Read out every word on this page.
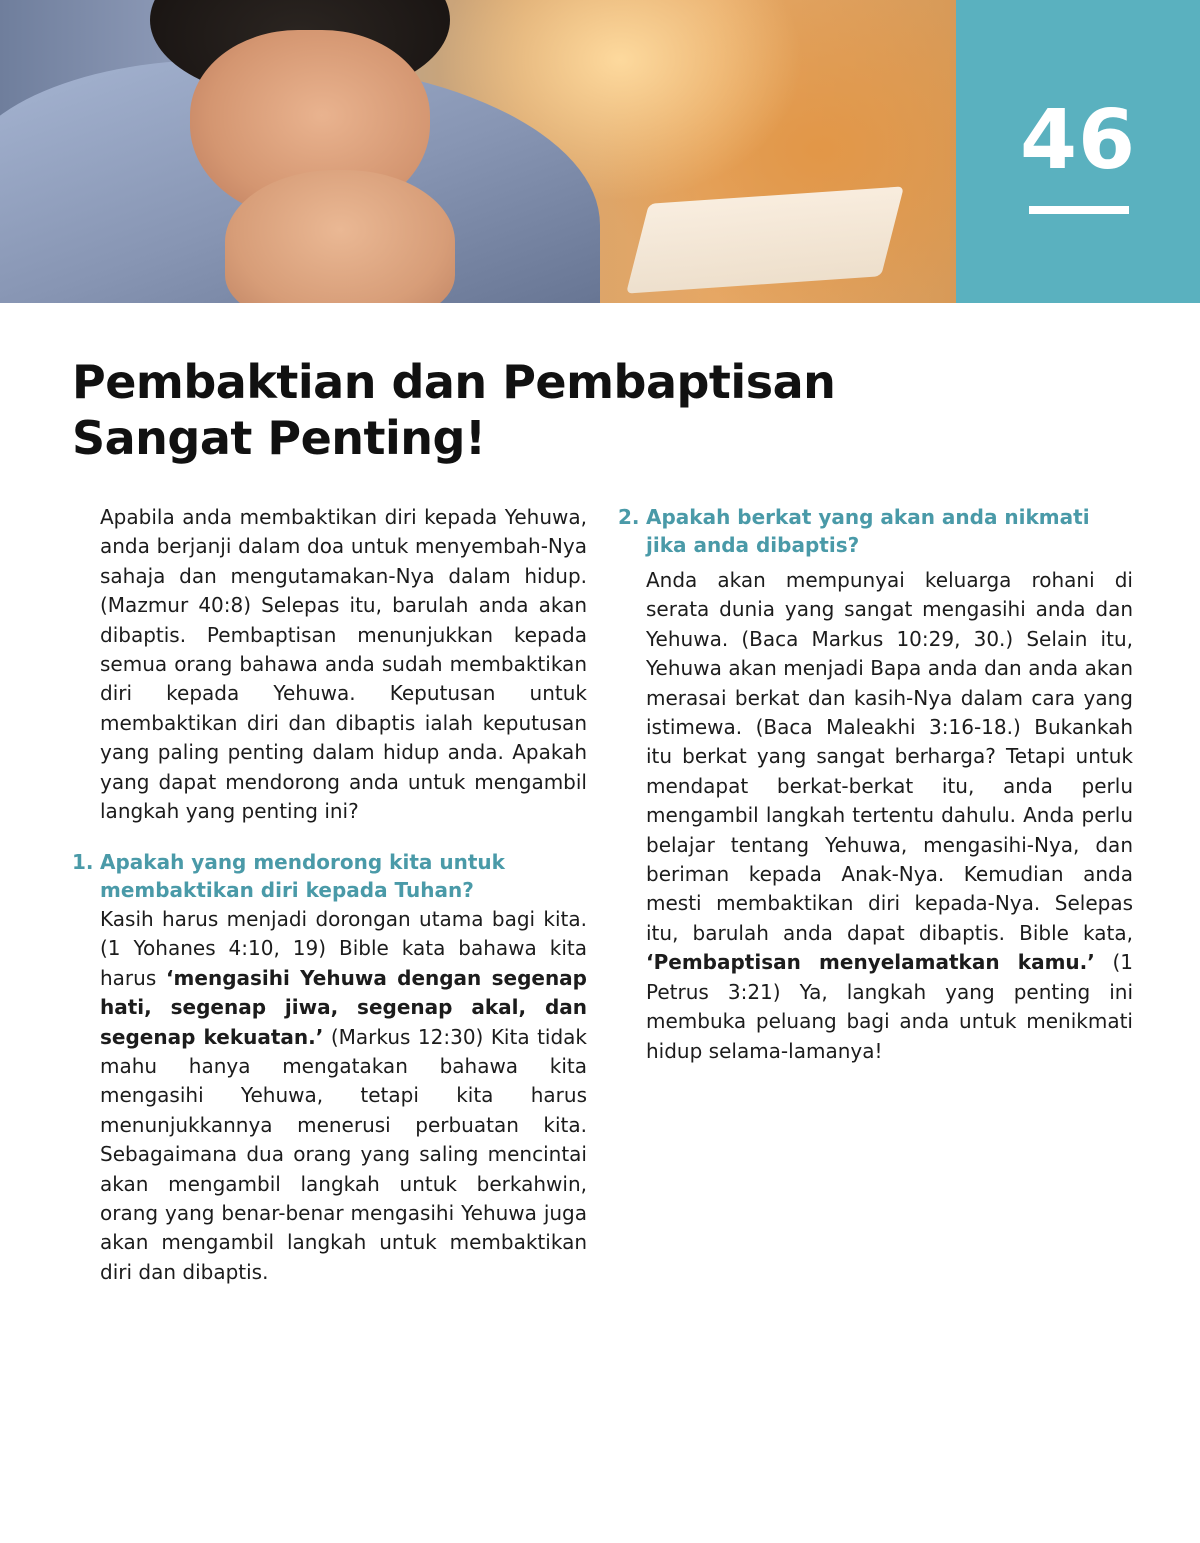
46
Pembaktian dan Pembaptisan Sangat Penting!

Apabila anda membaktikan diri kepada Yehuwa, anda berjanji dalam doa untuk menyembah-Nya sahaja dan mengutamakan-Nya dalam hidup. (Mazmur 40:8) Selepas itu, barulah anda akan dibaptis. Pembaptisan menunjukkan kepada semua orang bahawa anda sudah membaktikan diri kepada Yehuwa. Keputusan untuk membaktikan diri dan dibaptis ialah keputusan yang paling penting dalam hidup anda. Apakah yang dapat mendorong anda untuk mengambil langkah yang penting ini?

1. Apakah yang mendorong kita untuk membaktikan diri kepada Tuhan?

Kasih harus menjadi dorongan utama bagi kita. (1 Yohanes 4:10, 19) Bible kata bahawa kita harus ‘mengasihi Yehuwa dengan segenap hati, segenap jiwa, segenap akal, dan segenap kekuatan.’ (Markus 12:30) Kita tidak mahu hanya mengatakan bahawa kita mengasihi Yehuwa, tetapi kita harus menunjukkannya menerusi perbuatan kita. Sebagaimana dua orang yang saling mencintai akan mengambil langkah untuk berkahwin, orang yang benar-benar mengasihi Yehuwa juga akan mengambil langkah untuk membaktikan diri dan dibaptis.

2. Apakah berkat yang akan anda nikmati jika anda dibaptis?

Anda akan mempunyai keluarga rohani di serata dunia yang sangat mengasihi anda dan Yehuwa. (Baca Markus 10:29, 30.) Selain itu, Yehuwa akan menjadi Bapa anda dan anda akan merasai berkat dan kasih-Nya dalam cara yang istimewa. (Baca Maleakhi 3:16-18.) Bukankah itu berkat yang sangat berharga? Tetapi untuk mendapat berkat-berkat itu, anda perlu mengambil langkah tertentu dahulu. Anda perlu belajar tentang Yehuwa, mengasihi-Nya, dan beriman kepada Anak-Nya. Kemudian anda mesti membaktikan diri kepada-Nya. Selepas itu, barulah anda dapat dibaptis. Bible kata, ‘Pembaptisan menyelamatkan kamu.’ (1 Petrus 3:21) Ya, langkah yang penting ini membuka peluang bagi anda untuk menikmati hidup selama-lamanya!
